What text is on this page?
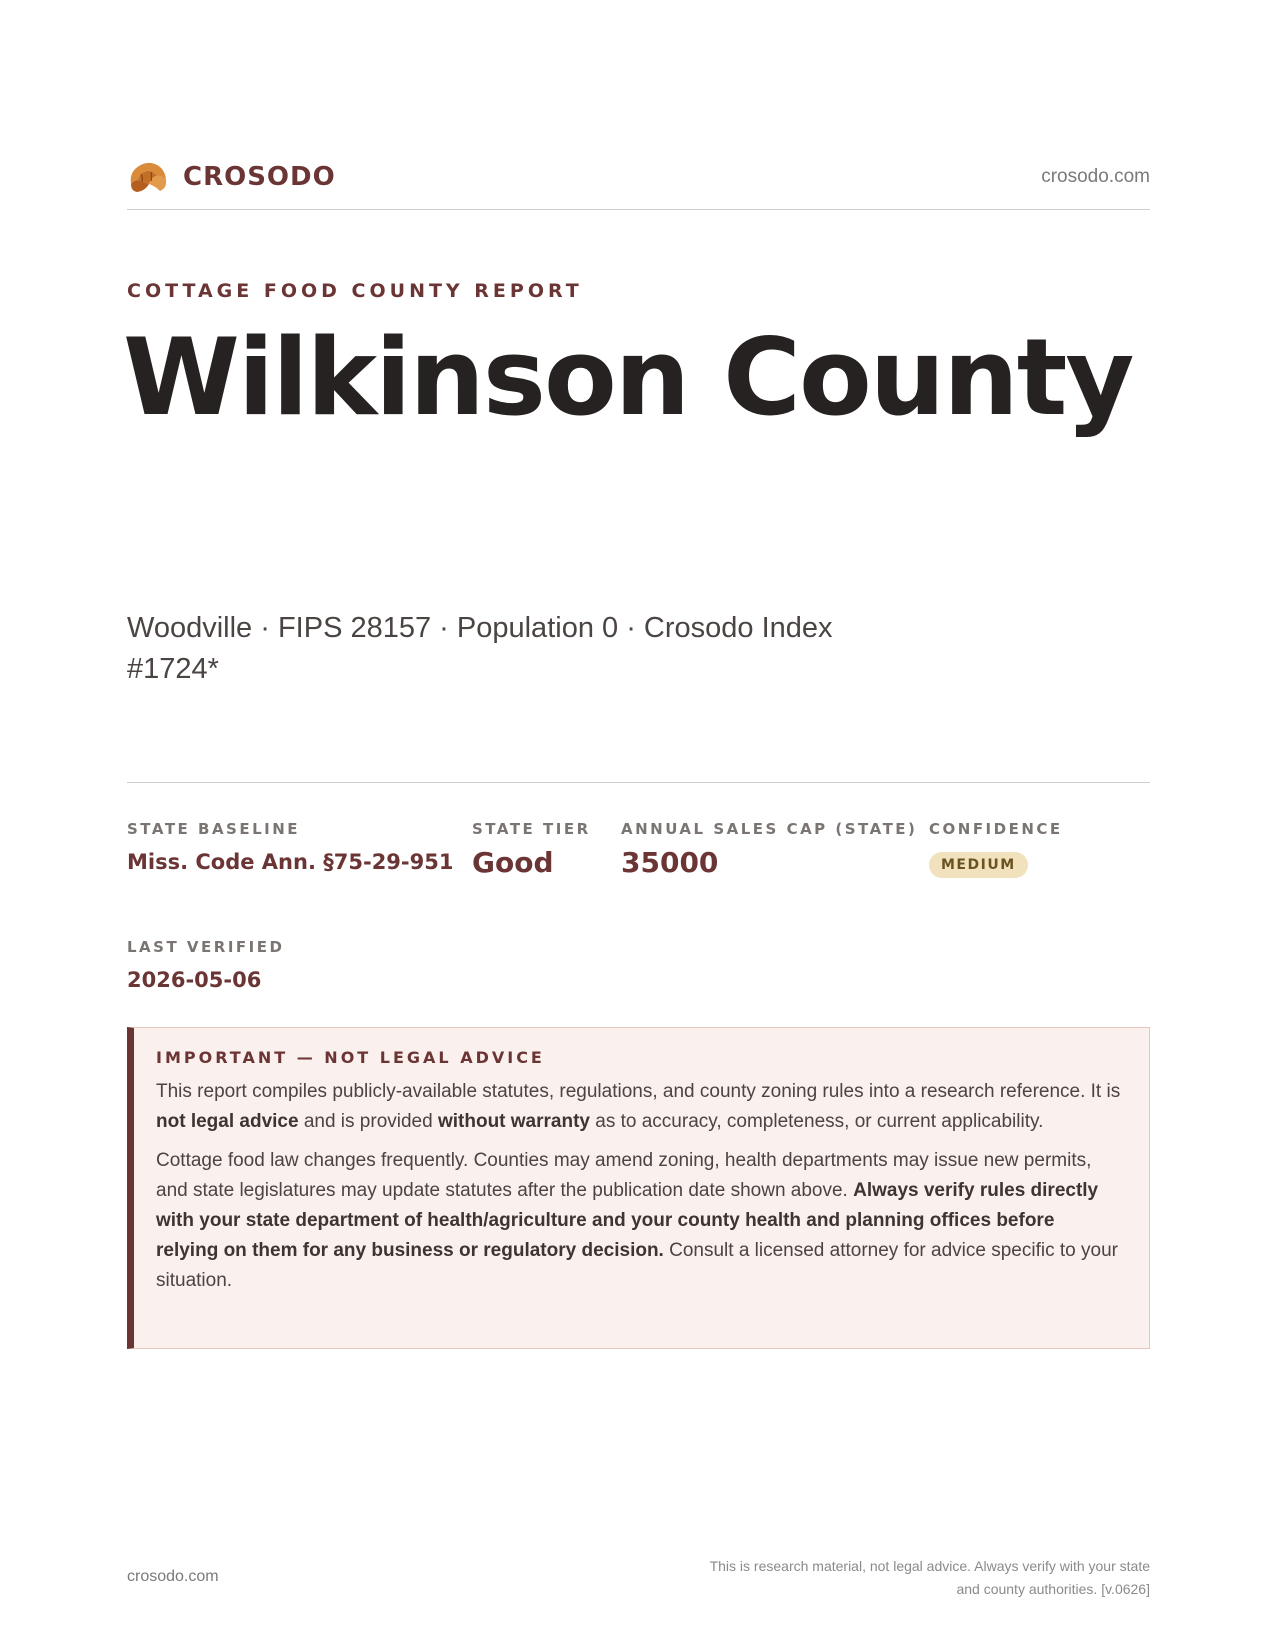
CROSODO	crosodo.com
COTTAGE FOOD COUNTY REPORT
Wilkinson County
Woodville · FIPS 28157 · Population 0 · Crosodo Index #1724*
STATE BASELINE
Miss. Code Ann. §75-29-951
STATE TIER
Good
ANNUAL SALES CAP (STATE)
35000
CONFIDENCE
MEDIUM
LAST VERIFIED
2026-05-06
IMPORTANT — NOT LEGAL ADVICE

This report compiles publicly-available statutes, regulations, and county zoning rules into a research reference. It is not legal advice and is provided without warranty as to accuracy, completeness, or current applicability.

Cottage food law changes frequently. Counties may amend zoning, health departments may issue new permits, and state legislatures may update statutes after the publication date shown above. Always verify rules directly with your state department of health/agriculture and your county health and planning offices before relying on them for any business or regulatory decision. Consult a licensed attorney for advice specific to your situation.

crosodo.com
This is research material, not legal advice. Always verify with your state
and county authorities. [v.0626]
